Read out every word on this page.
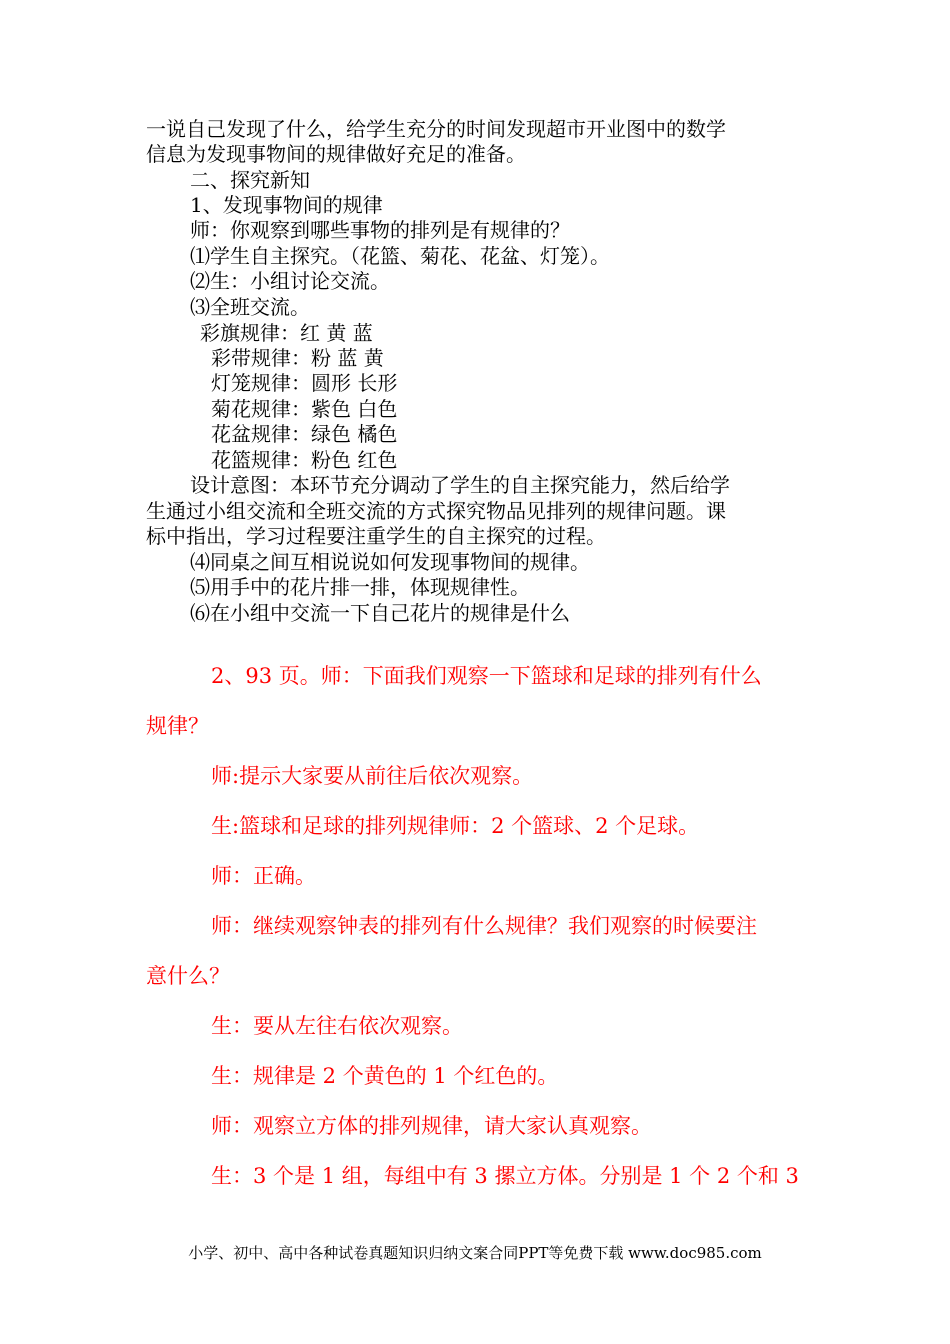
一说自己发现了什么，给学生充分的时间发现超市开业图中的数学
信息为发现事物间的规律做好充足的准备。
二、探究新知
1、发现事物间的规律
师：你观察到哪些事物的排列是有规律的？
⑴学生自主探究。（花篮、菊花、花盆、灯笼）。
⑵生：小组讨论交流。
⑶全班交流。
彩旗规律：红 黄 蓝
彩带规律：粉 蓝 黄
灯笼规律：圆形 长形
菊花规律：紫色 白色
花盆规律：绿色 橘色
花篮规律：粉色 红色
设计意图：本环节充分调动了学生的自主探究能力，然后给学
生通过小组交流和全班交流的方式探究物品见排列的规律问题。课
标中指出，学习过程要注重学生的自主探究的过程。
⑷同桌之间互相说说如何发现事物间的规律。
⑸用手中的花片排一排，体现规律性。
⑹在小组中交流一下自己花片的规律是什么
2、93 页。师：下面我们观察一下篮球和足球的排列有什么
规律？
师:提示大家要从前往后依次观察。
生:篮球和足球的排列规律师：2 个篮球、2 个足球。
师：正确。
师：继续观察钟表的排列有什么规律？我们观察的时候要注
意什么？
生：要从左往右依次观察。
生：规律是 2 个黄色的 1 个红色的。
师：观察立方体的排列规律，请大家认真观察。
生：3 个是 1 组，每组中有 3 摞立方体。分别是 1 个 2 个和 3
小学、初中、高中各种试卷真题知识归纳文案合同PPT等免费下载 www.doc985.com
